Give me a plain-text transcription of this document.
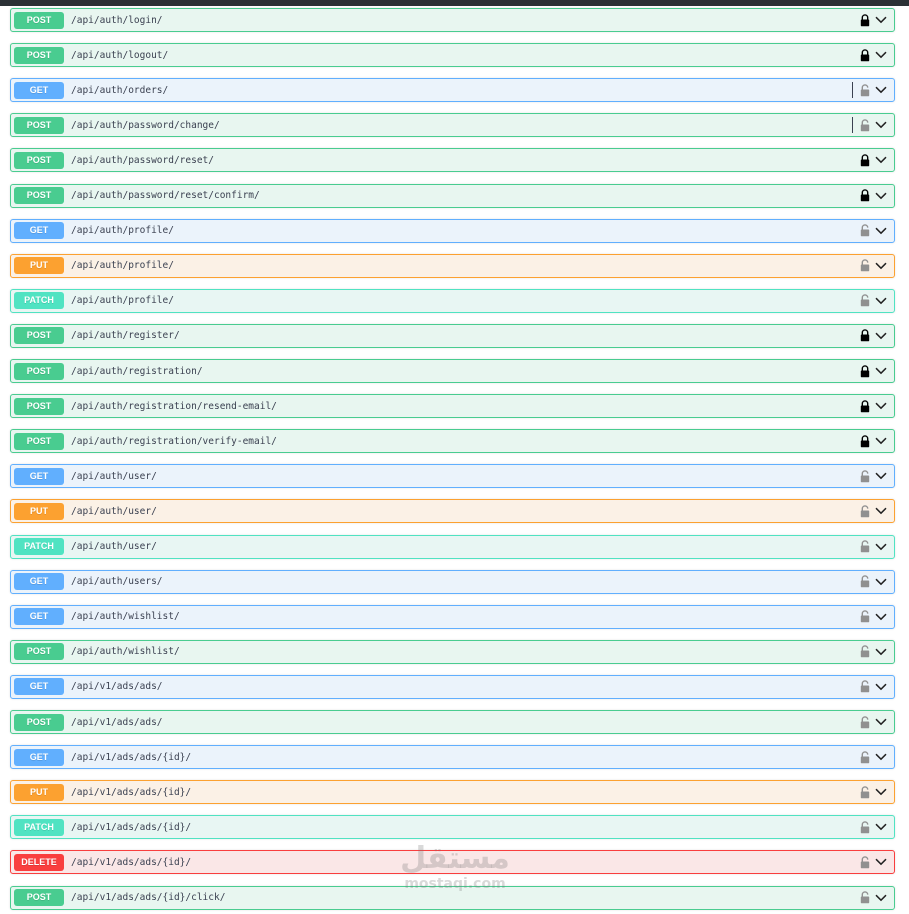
POST	/api/auth/login/
POST	/api/auth/logout/
GET	/api/auth/orders/
POST	/api/auth/password/change/
POST	/api/auth/password/reset/
POST	/api/auth/password/reset/confirm/
GET	/api/auth/profile/
PUT	/api/auth/profile/
PATCH	/api/auth/profile/
POST	/api/auth/register/
POST	/api/auth/registration/
POST	/api/auth/registration/resend-email/
POST	/api/auth/registration/verify-email/
GET	/api/auth/user/
PUT	/api/auth/user/
PATCH	/api/auth/user/
GET	/api/auth/users/
GET	/api/auth/wishlist/
POST	/api/auth/wishlist/
GET	/api/v1/ads/ads/
POST	/api/v1/ads/ads/
GET	/api/v1/ads/ads/{id}/
PUT	/api/v1/ads/ads/{id}/
PATCH	/api/v1/ads/ads/{id}/
DELETE	/api/v1/ads/ads/{id}/
POST	/api/v1/ads/ads/{id}/click/
مستقل
mostaqi.com
